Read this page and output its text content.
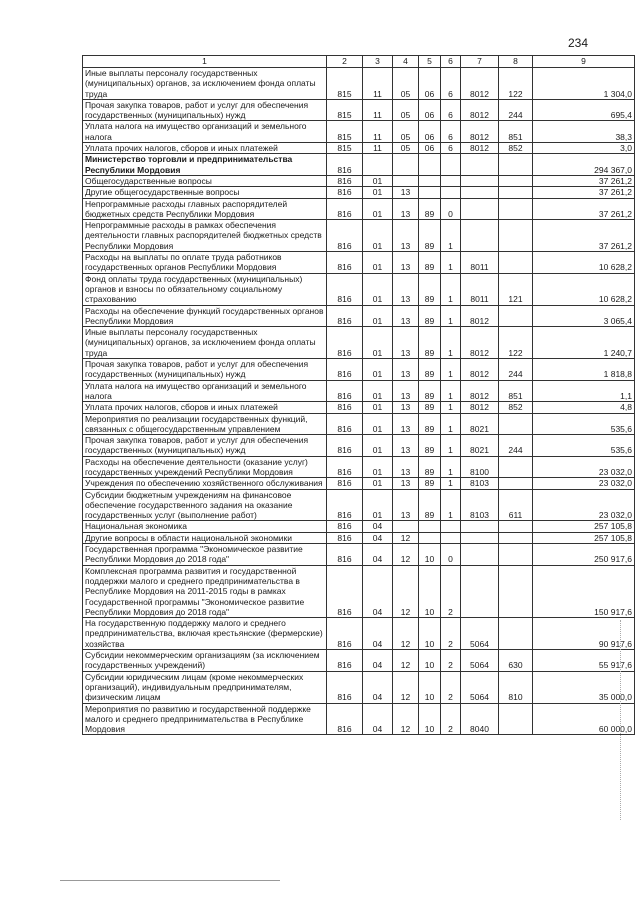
234
1	2	3	4	5	6	7	8	9
Иные выплаты персоналу государственных (муниципальных) органов, за исключением фонда оплаты труда	815	11	05	06	6	8012	122	1 304,0
Прочая закупка товаров, работ и услуг для обеспечения государственных (муниципальных) нужд	815	11	05	06	6	8012	244	695,4
Уплата налога на имущество организаций и земельного налога	815	11	05	06	6	8012	851	38,3
Уплата прочих налогов, сборов и иных платежей	815	11	05	06	6	8012	852	3,0
Министерство торговли и предпринимательства Республики Мордовия	816							294 367,0
Общегосударственные вопросы	816	01						37 261,2
Другие общегосударственные вопросы	816	01	13					37 261,2
Непрограммные расходы главных распорядителей бюджетных средств Республики Мордовия	816	01	13	89	0			37 261,2
Непрограммные расходы в рамках обеспечения деятельности главных распорядителей бюджетных средств Республики Мордовия	816	01	13	89	1			37 261,2
Расходы на выплаты по оплате труда работников государственных органов Республики Мордовия	816	01	13	89	1	8011		10 628,2
Фонд оплаты труда государственных (муниципальных) органов и взносы по обязательному социальному страхованию	816	01	13	89	1	8011	121	10 628,2
Расходы на обеспечение функций государственных органов Республики Мордовия	816	01	13	89	1	8012		3 065,4
Иные выплаты персоналу государственных (муниципальных) органов, за исключением фонда оплаты труда	816	01	13	89	1	8012	122	1 240,7
Прочая закупка товаров, работ и услуг для обеспечения государственных (муниципальных) нужд	816	01	13	89	1	8012	244	1 818,8
Уплата налога на имущество организаций и земельного налога	816	01	13	89	1	8012	851	1,1
Уплата прочих налогов, сборов и иных платежей	816	01	13	89	1	8012	852	4,8
Мероприятия по реализации государственных функций, связанных с общегосударственным управлением	816	01	13	89	1	8021		535,6
Прочая закупка товаров, работ и услуг для обеспечения государственных (муниципальных) нужд	816	01	13	89	1	8021	244	535,6
Расходы на обеспечение деятельности (оказание услуг) государственных учреждений Республики Мордовия	816	01	13	89	1	8100		23 032,0
Учреждения по обеспечению хозяйственного обслуживания	816	01	13	89	1	8103		23 032,0
Субсидии бюджетным учреждениям на финансовое обеспечение государственного задания на оказание государственных услуг (выполнение работ)	816	01	13	89	1	8103	611	23 032,0
Национальная экономика	816	04						257 105,8
Другие вопросы в области национальной экономики	816	04	12					257 105,8
Государственная программа "Экономическое развитие Республики Мордовия до 2018 года"	816	04	12	10	0			250 917,6
Комплексная программа развития и государственной поддержки малого и среднего предпринимательства в Республике Мордовия на 2011-2015 годы в рамках Государственной программы "Экономическое развитие Республики Мордовия до 2018 года"	816	04	12	10	2			150 917,6
На государственную поддержку малого и среднего предпринимательства, включая крестьянские (фермерские) хозяйства	816	04	12	10	2	5064		90 917,6
Субсидии некоммерческим организациям (за исключением государственных учреждений)	816	04	12	10	2	5064	630	55 917,6
Субсидии юридическим лицам (кроме некоммерческих организаций), индивидуальным предпринимателям, физическим лицам	816	04	12	10	2	5064	810	35 000,0
Мероприятия по развитию и государственной поддержке малого и среднего предпринимательства в Республике Мордовия	816	04	12	10	2	8040		60 000,0
